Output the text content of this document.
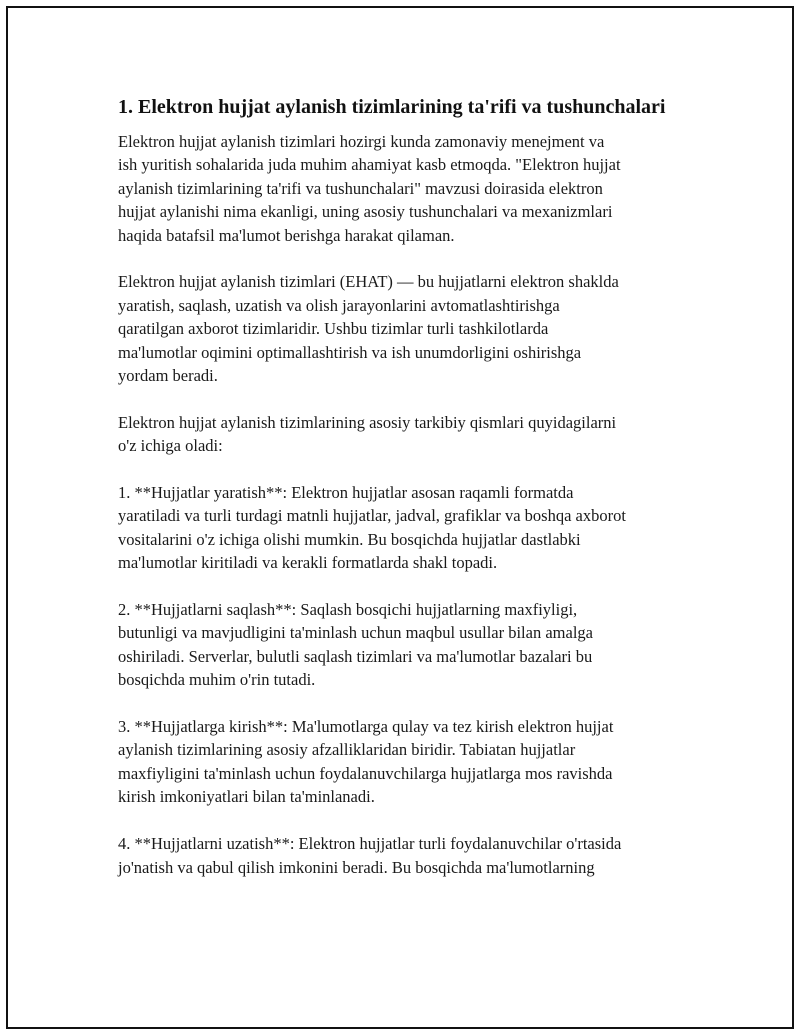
1. Elektron hujjat aylanish tizimlarining ta'rifi va tushunchalari

Elektron hujjat aylanish tizimlari hozirgi kunda zamonaviy menejment va
ish yuritish sohalarida juda muhim ahamiyat kasb etmoqda. "Elektron hujjat
aylanish tizimlarining ta'rifi va tushunchalari" mavzusi doirasida elektron
hujjat aylanishi nima ekanligi, uning asosiy tushunchalari va mexanizmlari
haqida batafsil ma'lumot berishga harakat qilaman.

Elektron hujjat aylanish tizimlari (EHAT) — bu hujjatlarni elektron shaklda
yaratish, saqlash, uzatish va olish jarayonlarini avtomatlashtirishga
qaratilgan axborot tizimlaridir. Ushbu tizimlar turli tashkilotlarda
ma'lumotlar oqimini optimallashtirish va ish unumdorligini oshirishga
yordam beradi.

Elektron hujjat aylanish tizimlarining asosiy tarkibiy qismlari quyidagilarni
o'z ichiga oladi:

1. **Hujjatlar yaratish**: Elektron hujjatlar asosan raqamli formatda
yaratiladi va turli turdagi matnli hujjatlar, jadval, grafiklar va boshqa axborot
vositalarini o'z ichiga olishi mumkin. Bu bosqichda hujjatlar dastlabki
ma'lumotlar kiritiladi va kerakli formatlarda shakl topadi.

2. **Hujjatlarni saqlash**: Saqlash bosqichi hujjatlarning maxfiyligi,
butunligi va mavjudligini ta'minlash uchun maqbul usullar bilan amalga
oshiriladi. Serverlar, bulutli saqlash tizimlari va ma'lumotlar bazalari bu
bosqichda muhim o'rin tutadi.

3. **Hujjatlarga kirish**: Ma'lumotlarga qulay va tez kirish elektron hujjat
aylanish tizimlarining asosiy afzalliklaridan biridir. Tabiatan hujjatlar
maxfiyligini ta'minlash uchun foydalanuvchilarga hujjatlarga mos ravishda
kirish imkoniyatlari bilan ta'minlanadi.

4. **Hujjatlarni uzatish**: Elektron hujjatlar turli foydalanuvchilar o'rtasida
jo'natish va qabul qilish imkonini beradi. Bu bosqichda ma'lumotlarning
